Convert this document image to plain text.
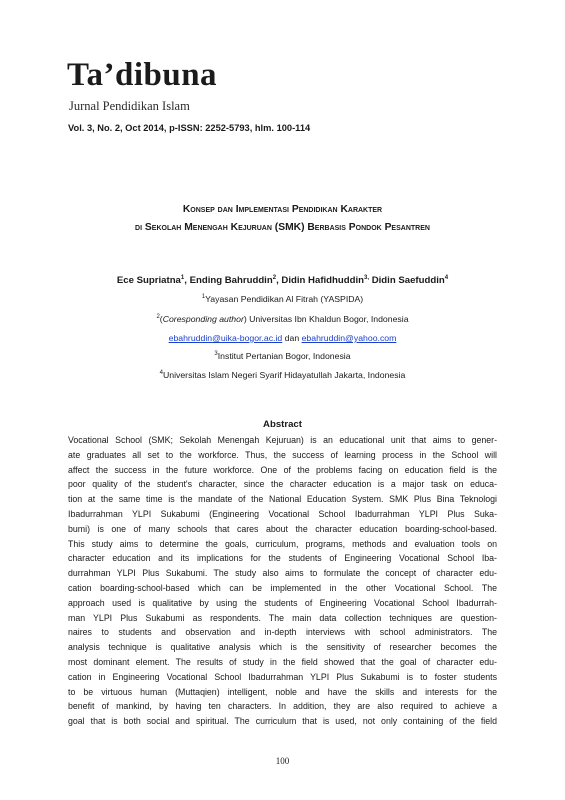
Ta’dibuna
Jurnal Pendidikan Islam
Vol. 3, No. 2, Oct 2014, p-ISSN: 2252-5793, hlm. 100-114
Konsep dan Implementasi Pendidikan Karakter
di Sekolah Menengah Kejuruan (SMK) Berbasis Pondok Pesantren
Ece Supriatna$^1$, Ending Bahruddin$^2$, Didin Hafidhuddin$^{3,}$ Didin Saefuddin$^4$
$^1$Yayasan Pendidikan Al Fitrah (YASPIDA)
$^2$(Coresponding author) Universitas Ibn Khaldun Bogor, Indonesia
ebahruddin@uika-bogor.ac.id dan ebahruddin@yahoo.com
$^3$Institut Pertanian Bogor, Indonesia
$^4$Universitas Islam Negeri Syarif Hidayatullah Jakarta, Indonesia
Abstract
Vocational School (SMK; Sekolah Menengah Kejuruan) is an educational unit that aims to gener-
ate graduates all set to the workforce. Thus, the success of learning process in the School will
affect the success in the future workforce. One of the problems facing on education field is the
poor quality of the student's character, since the character education is a major task on educa-
tion at the same time is the mandate of the National Education System. SMK Plus Bina Teknologi
Ibadurrahman YLPI Sukabumi (Engineering Vocational School Ibadurrahman YLPI Plus Suka-
bumi) is one of many schools that cares about the character education boarding-school-based.
This study aims to determine the goals, curriculum, programs, methods and evaluation tools on
character education and its implications for the students of Engineering Vocational School Iba-
durrahman YLPI Plus Sukabumi. The study also aims to formulate the concept of character edu-
cation boarding-school-based which can be implemented in the other Vocational School. The
approach used is qualitative by using the students of Engineering Vocational School Ibadurrah-
man YLPI Plus Sukabumi as respondents. The main data collection techniques are question-
naires to students and observation and in-depth interviews with school administrators. The
analysis technique is qualitative analysis which is the sensitivity of researcher becomes the
most dominant element. The results of study in the field showed that the goal of character edu-
cation in Engineering Vocational School Ibadurrahman YLPI Plus Sukabumi is to foster students
to be virtuous human (Muttaqien) intelligent, noble and have the skills and interests for the
benefit of mankind, by having ten characters. In addition, they are also required to achieve a
goal that is both social and spiritual. The curriculum that is used, not only containing of the field
100
